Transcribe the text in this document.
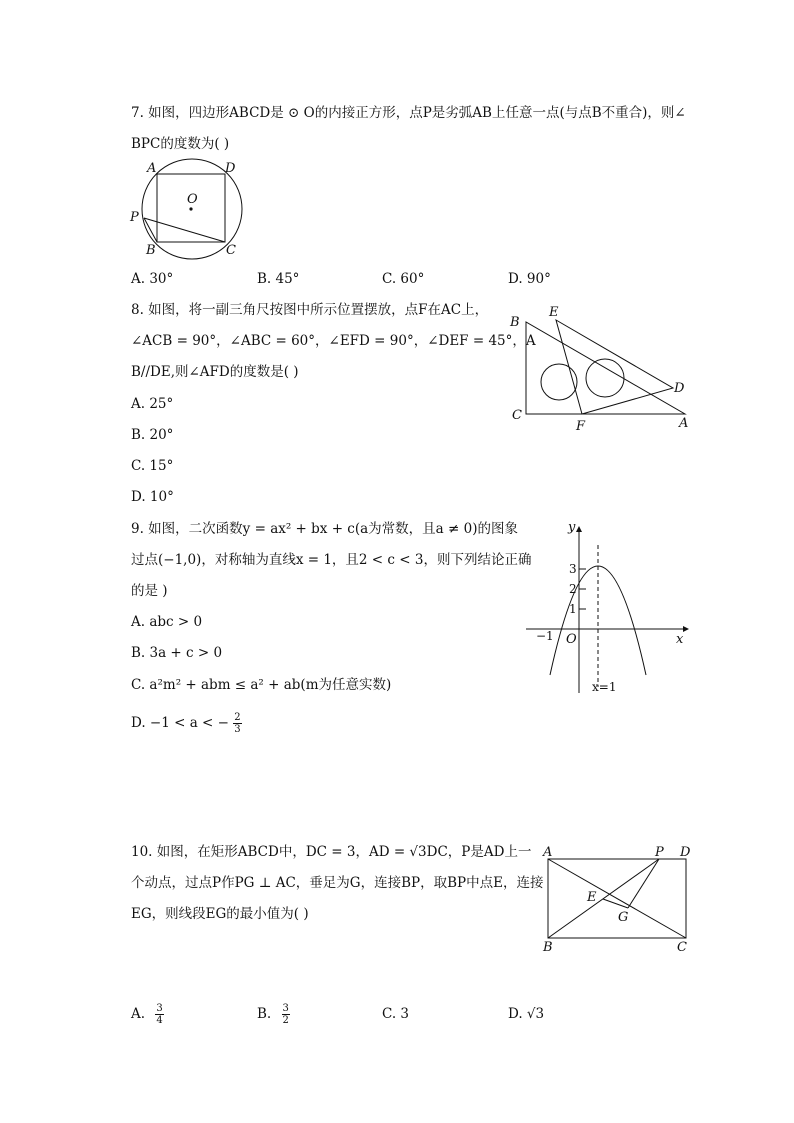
7. 如图，四边形ABCD是 ⊙ O的内接正方形，点P是劣弧AB上任意一点(与点B不重合)，则∠
BPC的度数为( )
A	D
O
P
B	C
A. 30°	B. 45°	C. 60°	D. 90°
8. 如图，将一副三角尺按图中所示位置摆放，点F在AC上，
∠ACB = 90°，∠ABC = 60°，∠EFD = 90°，∠DEF = 45°，A
B//DE,则∠AFD的度数是( )
A. 25°
B. 20°
C. 15°
D. 10°
B
E
D
C
F	A
9. 如图，二次函数y = ax² + bx + c(a为常数，且a ≠ 0)的图象
过点(−1,0)，对称轴为直线x = 1，且2 < c < 3，则下列结论正确
的是 )
A. abc > 0
B. 3a + c > 0
C. a²m² + abm ≤ a² + ab(m为任意实数)
D. −1 < a < − $\frac{2}{3}$
y
x
O
3
2
1
−1
x=1
10. 如图，在矩形ABCD中，DC = 3，AD = √3DC，P是AD上一
个动点，过点P作PG ⊥ AC，垂足为G，连接BP，取BP中点E，连接
EG，则线段EG的最小值为( )
A	P D
E
G
B	C
A. $\frac{3}{4}$	B. $\frac{3}{2}$	C. 3	D. √3
